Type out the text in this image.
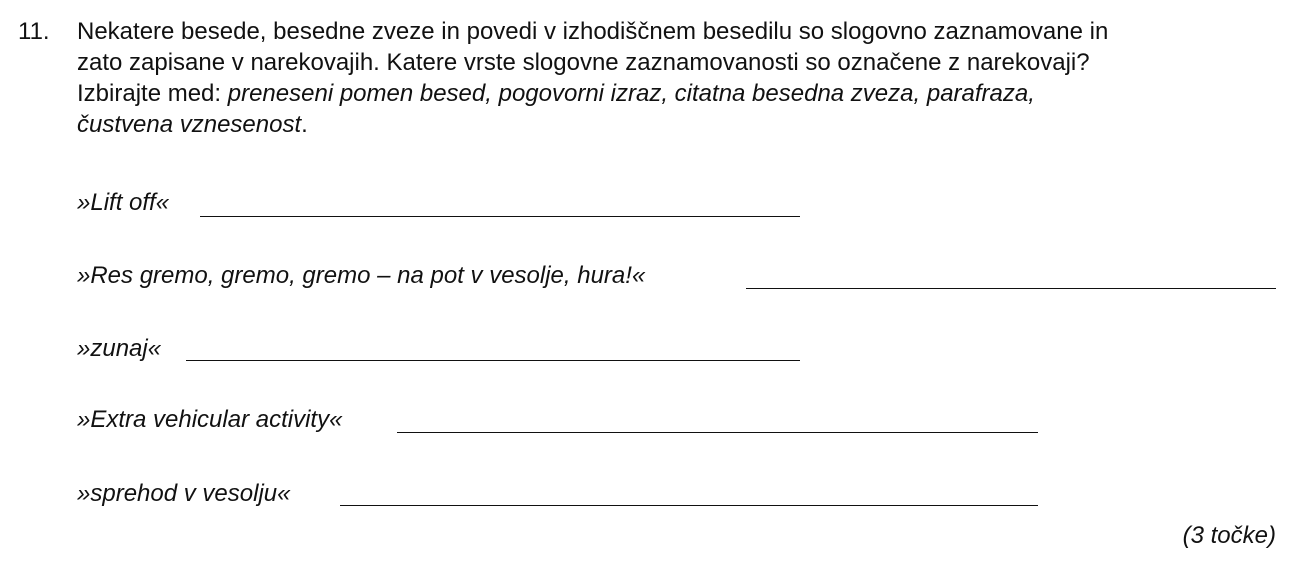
11. Nekatere besede, besedne zveze in povedi v izhodiščnem besedilu so slogovno zaznamovane in
zato zapisane v narekovajih. Katere vrste slogovne zaznamovanosti so označene z narekovaji?
Izbirajte med: preneseni pomen besed, pogovorni izraz, citatna besedna zveza, parafraza,
čustvena vznesenost.
»Lift off«
»Res gremo, gremo, gremo – na pot v vesolje, hura!«
»zunaj«
»Extra vehicular activity«
»sprehod v vesolju«
(3 točke)
